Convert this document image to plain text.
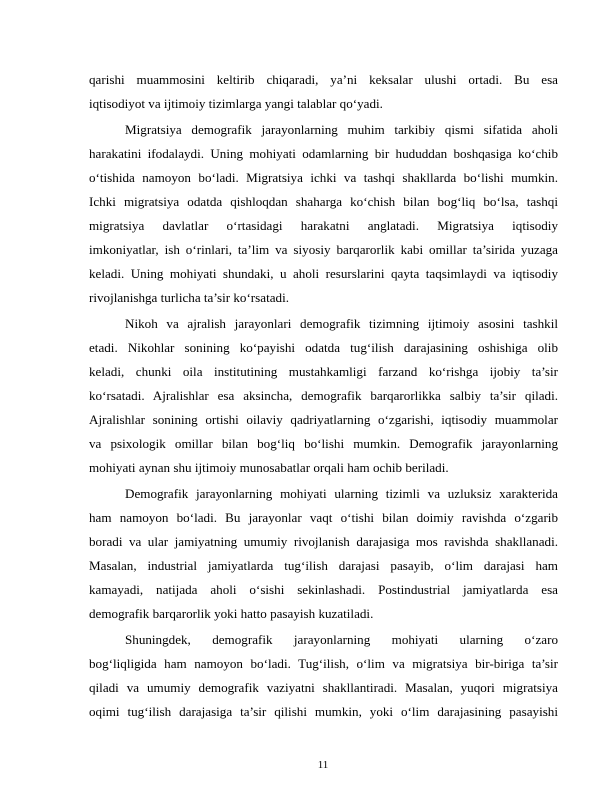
qarishi muammosini keltirib chiqaradi, ya’ni keksalar ulushi ortadi. Bu esa
iqtisodiyot va ijtimoiy tizimlarga yangi talablar qo‘yadi.
Migratsiya demografik jarayonlarning muhim tarkibiy qismi sifatida aholi
harakatini ifodalaydi. Uning mohiyati odamlarning bir hududdan boshqasiga ko‘chib
o‘tishida namoyon bo‘ladi. Migratsiya ichki va tashqi shakllarda bo‘lishi mumkin.
Ichki migratsiya odatda qishloqdan shaharga ko‘chish bilan bog‘liq bo‘lsa, tashqi
migratsiya davlatlar o‘rtasidagi harakatni anglatadi. Migratsiya iqtisodiy
imkoniyatlar, ish o‘rinlari, ta’lim va siyosiy barqarorlik kabi omillar ta’sirida yuzaga
keladi. Uning mohiyati shundaki, u aholi resurslarini qayta taqsimlaydi va iqtisodiy
rivojlanishga turlicha ta’sir ko‘rsatadi.
Nikoh va ajralish jarayonlari demografik tizimning ijtimoiy asosini tashkil
etadi. Nikohlar sonining ko‘payishi odatda tug‘ilish darajasining oshishiga olib
keladi, chunki oila institutining mustahkamligi farzand ko‘rishga ijobiy ta’sir
ko‘rsatadi. Ajralishlar esa aksincha, demografik barqarorlikka salbiy ta’sir qiladi.
Ajralishlar sonining ortishi oilaviy qadriyatlarning o‘zgarishi, iqtisodiy muammolar
va psixologik omillar bilan bog‘liq bo‘lishi mumkin. Demografik jarayonlarning
mohiyati aynan shu ijtimoiy munosabatlar orqali ham ochib beriladi.
Demografik jarayonlarning mohiyati ularning tizimli va uzluksiz xarakterida
ham namoyon bo‘ladi. Bu jarayonlar vaqt o‘tishi bilan doimiy ravishda o‘zgarib
boradi va ular jamiyatning umumiy rivojlanish darajasiga mos ravishda shakllanadi.
Masalan, industrial jamiyatlarda tug‘ilish darajasi pasayib, o‘lim darajasi ham
kamayadi, natijada aholi o‘sishi sekinlashadi. Postindustrial jamiyatlarda esa
demografik barqarorlik yoki hatto pasayish kuzatiladi.
Shuningdek, demografik jarayonlarning mohiyati ularning o‘zaro
bog‘liqligida ham namoyon bo‘ladi. Tug‘ilish, o‘lim va migratsiya bir-biriga ta’sir
qiladi va umumiy demografik vaziyatni shakllantiradi. Masalan, yuqori migratsiya
oqimi tug‘ilish darajasiga ta’sir qilishi mumkin, yoki o‘lim darajasining pasayishi
11
